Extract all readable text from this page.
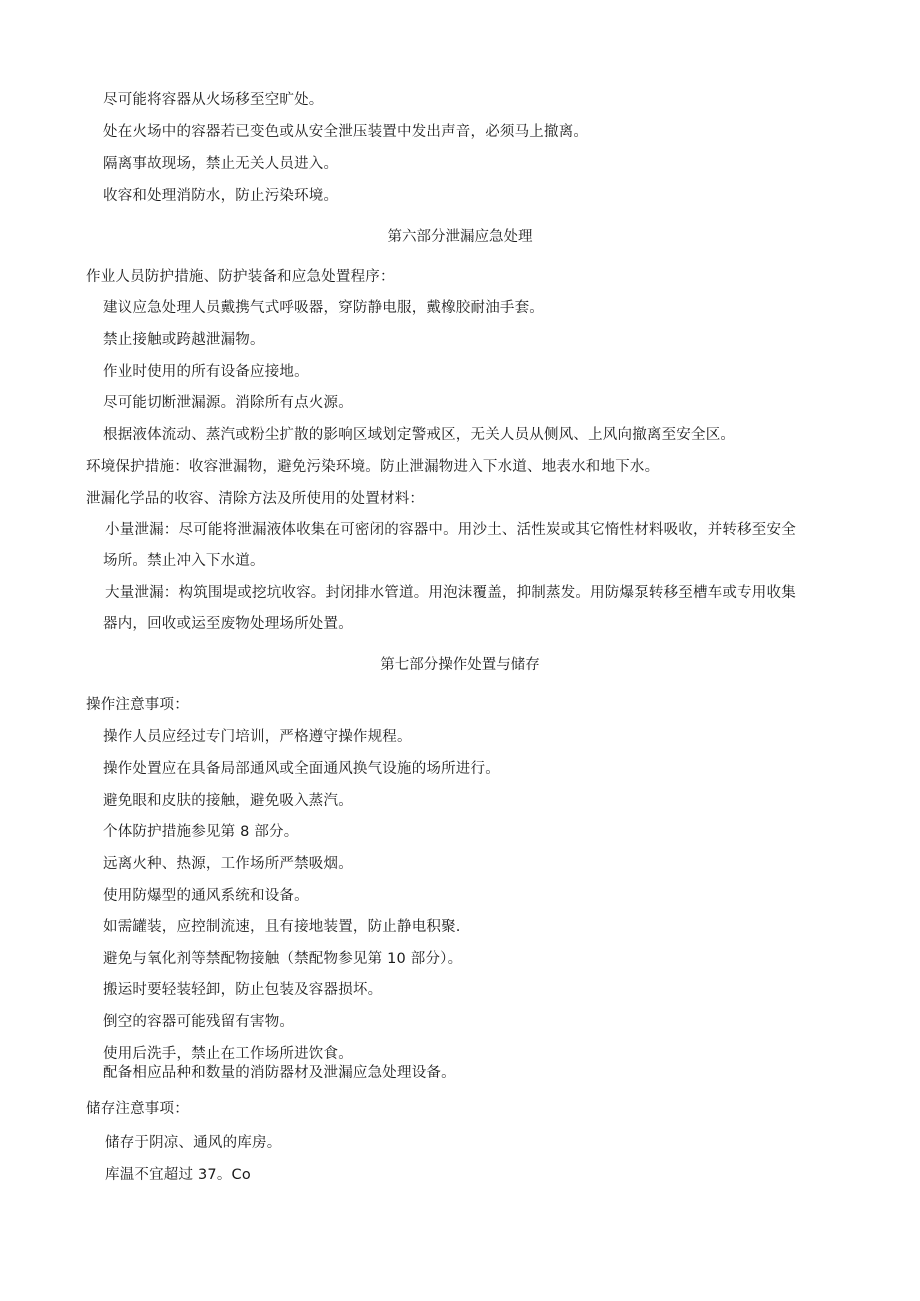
尽可能将容器从火场移至空旷处。
处在火场中的容器若已变色或从安全泄压装置中发出声音，必须马上撤离。
隔离事故现场，禁止无关人员进入。
收容和处理消防水，防止污染环境。
第六部分泄漏应急处理
作业人员防护措施、防护装备和应急处置程序：
建议应急处理人员戴携气式呼吸器，穿防静电服，戴橡胶耐油手套。
禁止接触或跨越泄漏物。
作业时使用的所有设备应接地。
尽可能切断泄漏源。消除所有点火源。
根据液体流动、蒸汽或粉尘扩散的影响区域划定警戒区，无关人员从侧风、上风向撤离至安全区。
环境保护措施：收容泄漏物，避免污染环境。防止泄漏物进入下水道、地表水和地下水。
泄漏化学品的收容、清除方法及所使用的处置材料：
小量泄漏：尽可能将泄漏液体收集在可密闭的容器中。用沙土、活性炭或其它惰性材料吸收，并转移至安全
场所。禁止冲入下水道。
大量泄漏：构筑围堤或挖坑收容。封闭排水管道。用泡沫覆盖，抑制蒸发。用防爆泵转移至槽车或专用收集
器内，回收或运至废物处理场所处置。
第七部分操作处置与储存
操作注意事项：
操作人员应经过专门培训，严格遵守操作规程。
操作处置应在具备局部通风或全面通风换气设施的场所进行。
避免眼和皮肤的接触，避免吸入蒸汽。
个体防护措施参见第 8 部分。
远离火种、热源，工作场所严禁吸烟。
使用防爆型的通风系统和设备。
如需罐装，应控制流速，且有接地装置，防止静电积聚.
避免与氧化剂等禁配物接触（禁配物参见第 10 部分）。
搬运时要轻装轻卸，防止包装及容器损坏。
倒空的容器可能残留有害物。
使用后洗手，禁止在工作场所进饮食。
配备相应品种和数量的消防器材及泄漏应急处理设备。
储存注意事项：
储存于阴凉、通风的库房。
库温不宜超过 37。Co
